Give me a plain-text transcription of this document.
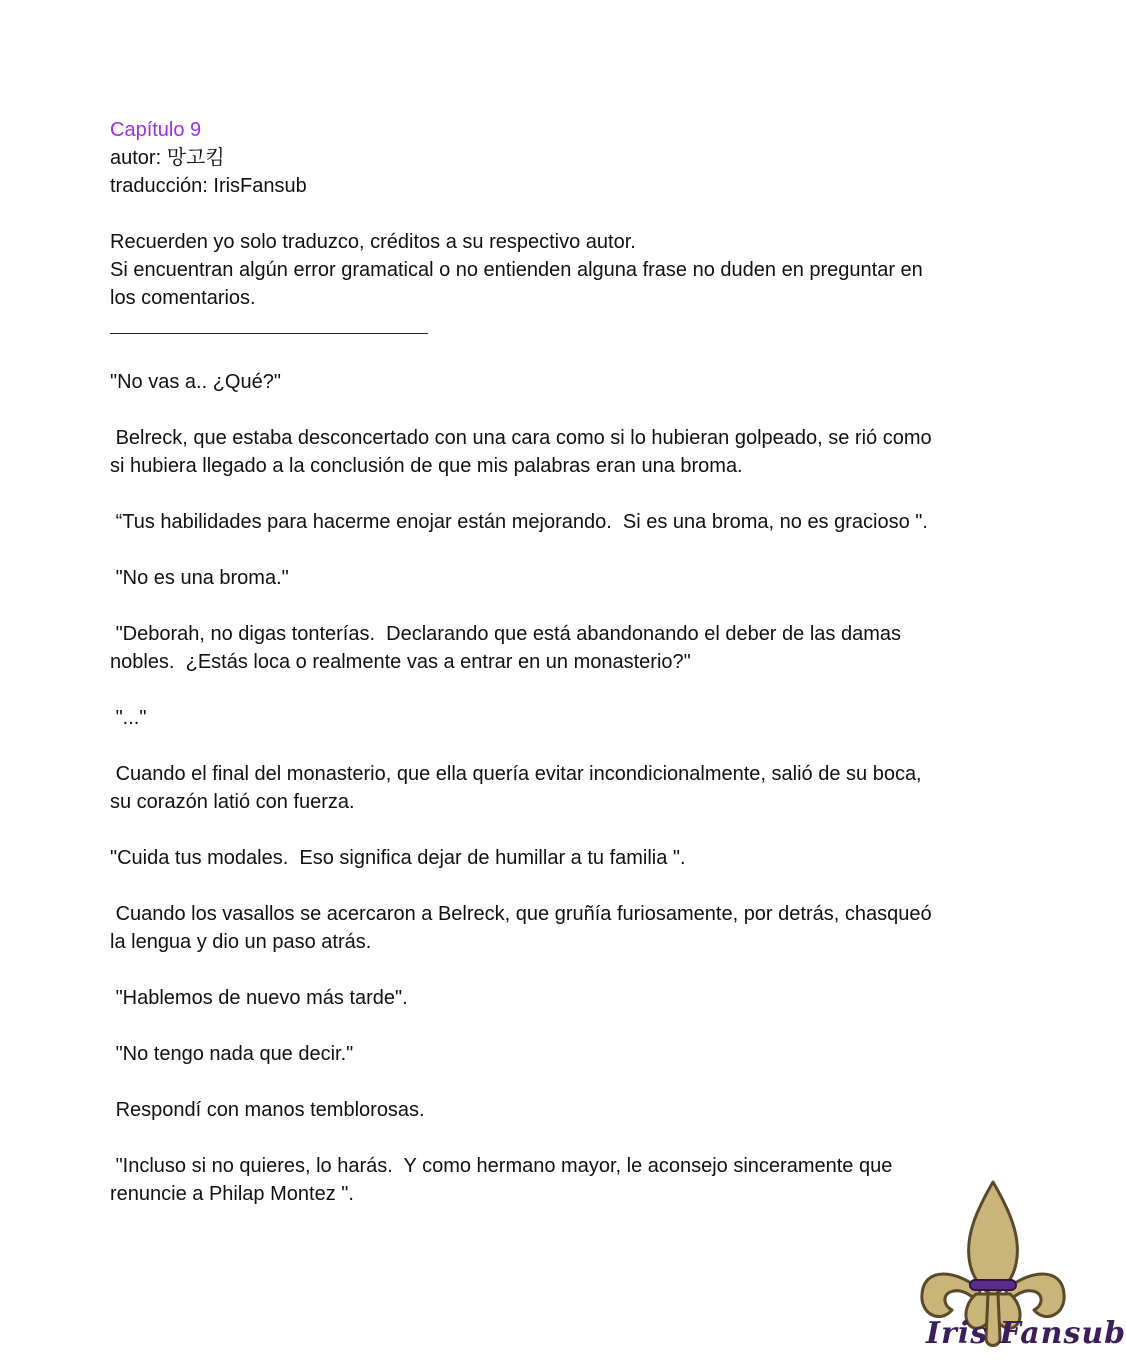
Capítulo 9

autor: 망고킴

traducción: IrisFansub

Recuerden yo solo traduzco, créditos a su respectivo autor.

Si encuentran algún error gramatical o no entienden alguna frase no duden en preguntar en los comentarios.

"No vas a.. ¿Qué?"

Belreck, que estaba desconcertado con una cara como si lo hubieran golpeado, se rió como si hubiera llegado a la conclusión de que mis palabras eran una broma.

“Tus habilidades para hacerme enojar están mejorando.  Si es una broma, no es gracioso ".

"No es una broma."

"Deborah, no digas tonterías.  Declarando que está abandonando el deber de las damas nobles.  ¿Estás loca o realmente vas a entrar en un monasterio?"

"..."

Cuando el final del monasterio, que ella quería evitar incondicionalmente, salió de su boca, su corazón latió con fuerza.

"Cuida tus modales.  Eso significa dejar de humillar a tu familia ".

Cuando los vasallos se acercaron a Belreck, que gruñía furiosamente, por detrás, chasqueó la lengua y dio un paso atrás.

"Hablemos de nuevo más tarde".

"No tengo nada que decir."

Respondí con manos temblorosas.

"Incluso si no quieres, lo harás.  Y como hermano mayor, le aconsejo sinceramente que renuncie a Philap Montez ".

Iris Fansub
